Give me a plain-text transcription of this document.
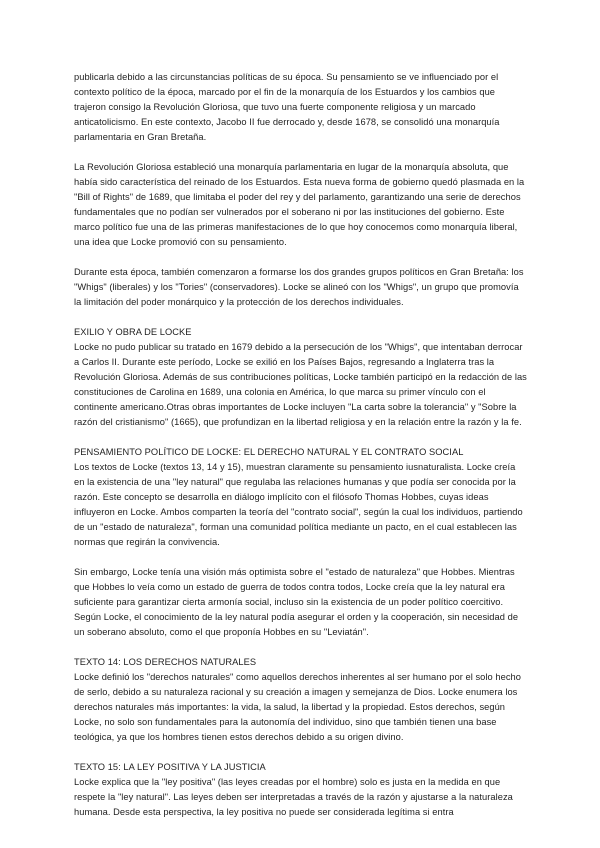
publicarla debido a las circunstancias políticas de su época. Su pensamiento se ve influenciado por el contexto político de la época, marcado por el fin de la monarquía de los Estuardos y los cambios que trajeron consigo la Revolución Gloriosa, que tuvo una fuerte componente religiosa y un marcado anticatolicismo. En este contexto, Jacobo II fue derrocado y, desde 1678, se consolidó una monarquía parlamentaria en Gran Bretaña.

La Revolución Gloriosa estableció una monarquía parlamentaria en lugar de la monarquía absoluta, que había sido característica del reinado de los Estuardos. Esta nueva forma de gobierno quedó plasmada en la "Bill of Rights" de 1689, que limitaba el poder del rey y del parlamento, garantizando una serie de derechos fundamentales que no podían ser vulnerados por el soberano ni por las instituciones del gobierno. Este marco político fue una de las primeras manifestaciones de lo que hoy conocemos como monarquía liberal, una idea que Locke promovió con su pensamiento.

Durante esta época, también comenzaron a formarse los dos grandes grupos políticos en Gran Bretaña: los "Whigs" (liberales) y los "Tories" (conservadores). Locke se alineó con los "Whigs", un grupo que promovía la limitación del poder monárquico y la protección de los derechos individuales.

EXILIO Y OBRA DE LOCKE

Locke no pudo publicar su tratado en 1679 debido a la persecución de los "Whigs", que intentaban derrocar a Carlos II. Durante este período, Locke se exilió en los Países Bajos, regresando a Inglaterra tras la Revolución Gloriosa. Además de sus contribuciones políticas, Locke también participó en la redacción de las constituciones de Carolina en 1689, una colonia en América, lo que marca su primer vínculo con el continente americano.Otras obras importantes de Locke incluyen "La carta sobre la tolerancia" y "Sobre la razón del cristianismo" (1665), que profundizan en la libertad religiosa y en la relación entre la razón y la fe.

PENSAMIENTO POLÍTICO DE LOCKE: EL DERECHO NATURAL Y EL CONTRATO SOCIAL

Los textos de Locke (textos 13, 14 y 15), muestran claramente su pensamiento iusnaturalista. Locke creía en la existencia de una "ley natural" que regulaba las relaciones humanas y que podía ser conocida por la razón. Este concepto se desarrolla en diálogo implícito con el filósofo Thomas Hobbes, cuyas ideas influyeron en Locke. Ambos comparten la teoría del "contrato social", según la cual los individuos, partiendo de un "estado de naturaleza", forman una comunidad política mediante un pacto, en el cual establecen las normas que regirán la convivencia.

Sin embargo, Locke tenía una visión más optimista sobre el "estado de naturaleza" que Hobbes. Mientras que Hobbes lo veía como un estado de guerra de todos contra todos, Locke creía que la ley natural era suficiente para garantizar cierta armonía social, incluso sin la existencia de un poder político coercitivo. Según Locke, el conocimiento de la ley natural podía asegurar el orden y la cooperación, sin necesidad de un soberano absoluto, como el que proponía Hobbes en su "Leviatán".

TEXTO 14: LOS DERECHOS NATURALES

Locke definió los "derechos naturales" como aquellos derechos inherentes al ser humano por el solo hecho de serlo, debido a su naturaleza racional y su creación a imagen y semejanza de Dios. Locke enumera los derechos naturales más importantes: la vida, la salud, la libertad y la propiedad. Estos derechos, según Locke, no solo son fundamentales para la autonomía del individuo, sino que también tienen una base teológica, ya que los hombres tienen estos derechos debido a su origen divino.

TEXTO 15: LA LEY POSITIVA Y LA JUSTICIA

Locke explica que la "ley positiva" (las leyes creadas por el hombre) solo es justa en la medida en que respete la "ley natural". Las leyes deben ser interpretadas a través de la razón y ajustarse a la naturaleza humana. Desde esta perspectiva, la ley positiva no puede ser considerada legítima si entra
